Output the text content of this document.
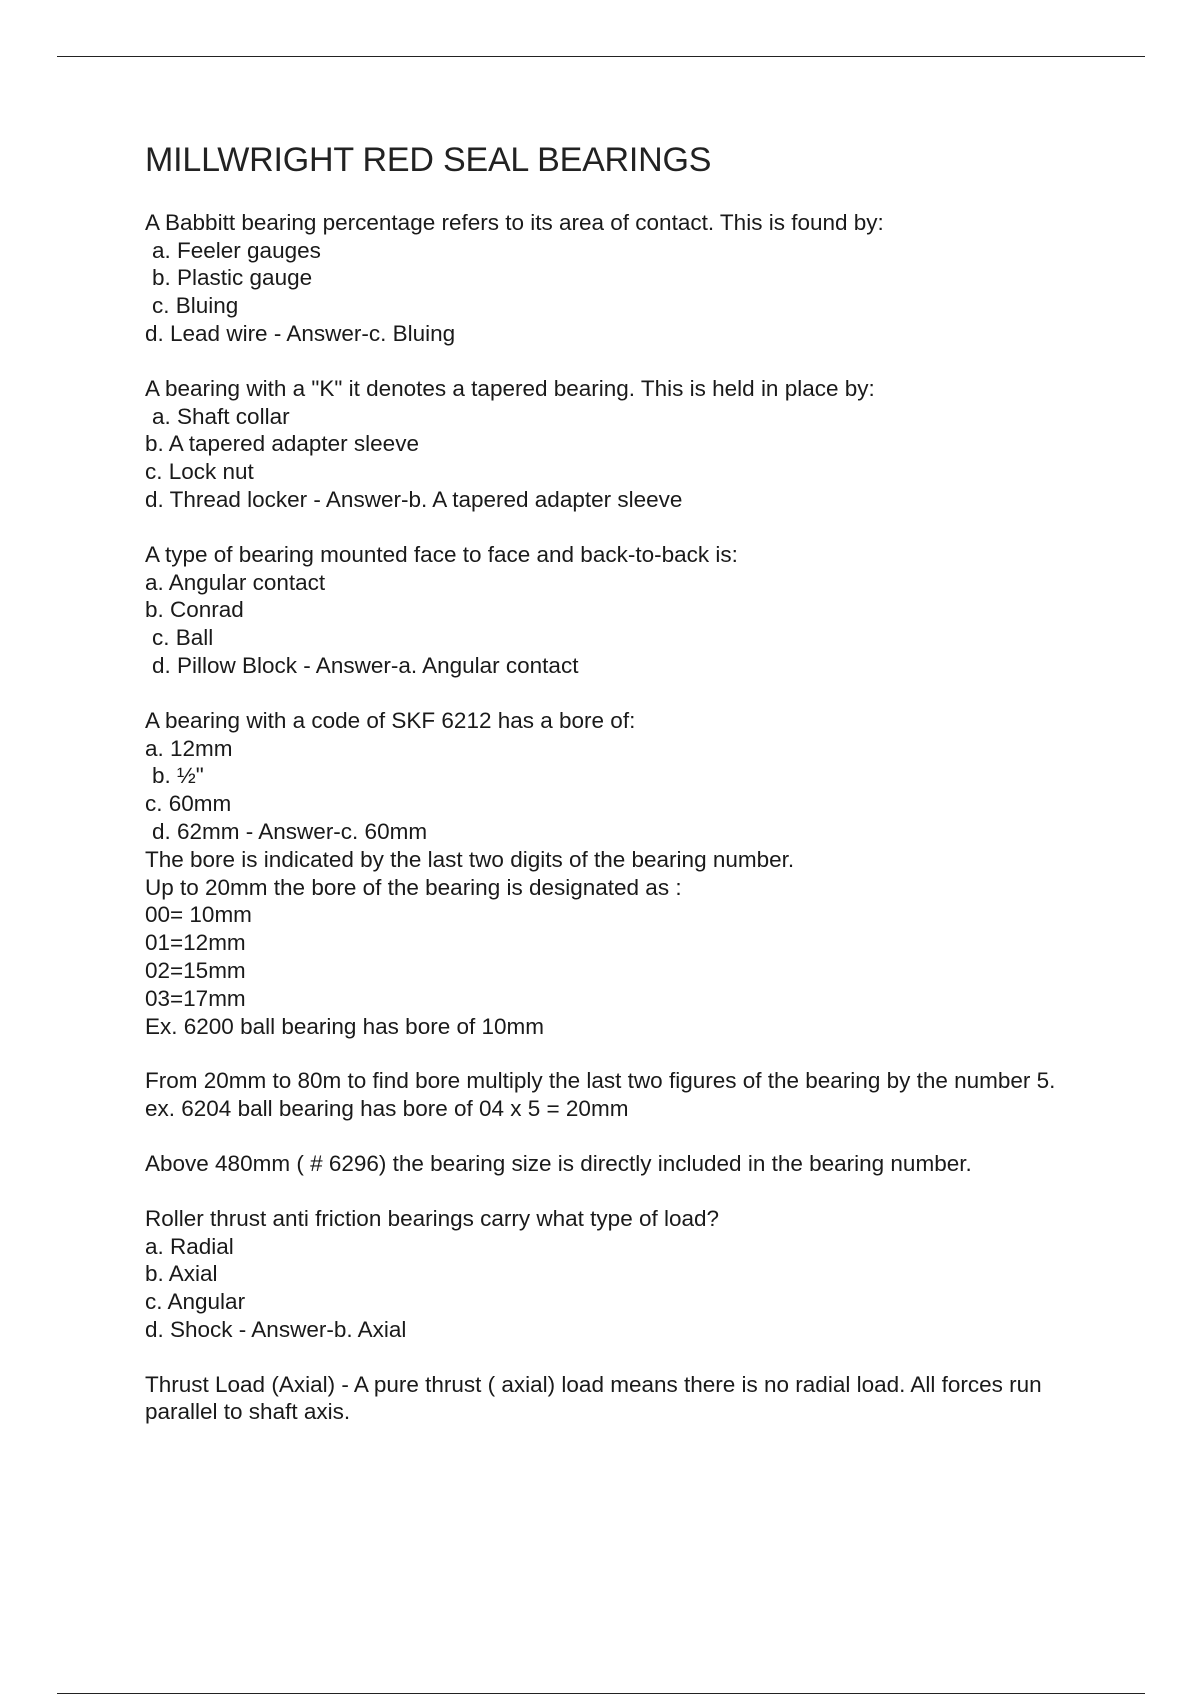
MILLWRIGHT RED SEAL BEARINGS
A Babbitt bearing percentage refers to its area of contact. This is found by:
a. Feeler gauges
b. Plastic gauge
c. Bluing
d. Lead wire - Answer-c. Bluing
A bearing with a "K" it denotes a tapered bearing. This is held in place by:
a. Shaft collar
b. A tapered adapter sleeve
c. Lock nut
d. Thread locker - Answer-b. A tapered adapter sleeve
A type of bearing mounted face to face and back-to-back is:
a. Angular contact
b. Conrad
c. Ball
d. Pillow Block - Answer-a. Angular contact
A bearing with a code of SKF 6212 has a bore of:
a. 12mm
b. ½"
c. 60mm
d. 62mm - Answer-c. 60mm
The bore is indicated by the last two digits of the bearing number.
Up to 20mm the bore of the bearing is designated as :
00= 10mm
01=12mm
02=15mm
03=17mm
Ex. 6200 ball bearing has bore of 10mm

From 20mm to 80m to find bore multiply the last two figures of the bearing by the number 5. ex. 6204 ball bearing has bore of 04 x 5 = 20mm

Above 480mm ( # 6296) the bearing size is directly included in the bearing number.

Roller thrust anti friction bearings carry what type of load?
a. Radial
b. Axial
c. Angular
d. Shock - Answer-b. Axial

Thrust Load (Axial) - A pure thrust ( axial) load means there is no radial load. All forces run parallel to shaft axis.
